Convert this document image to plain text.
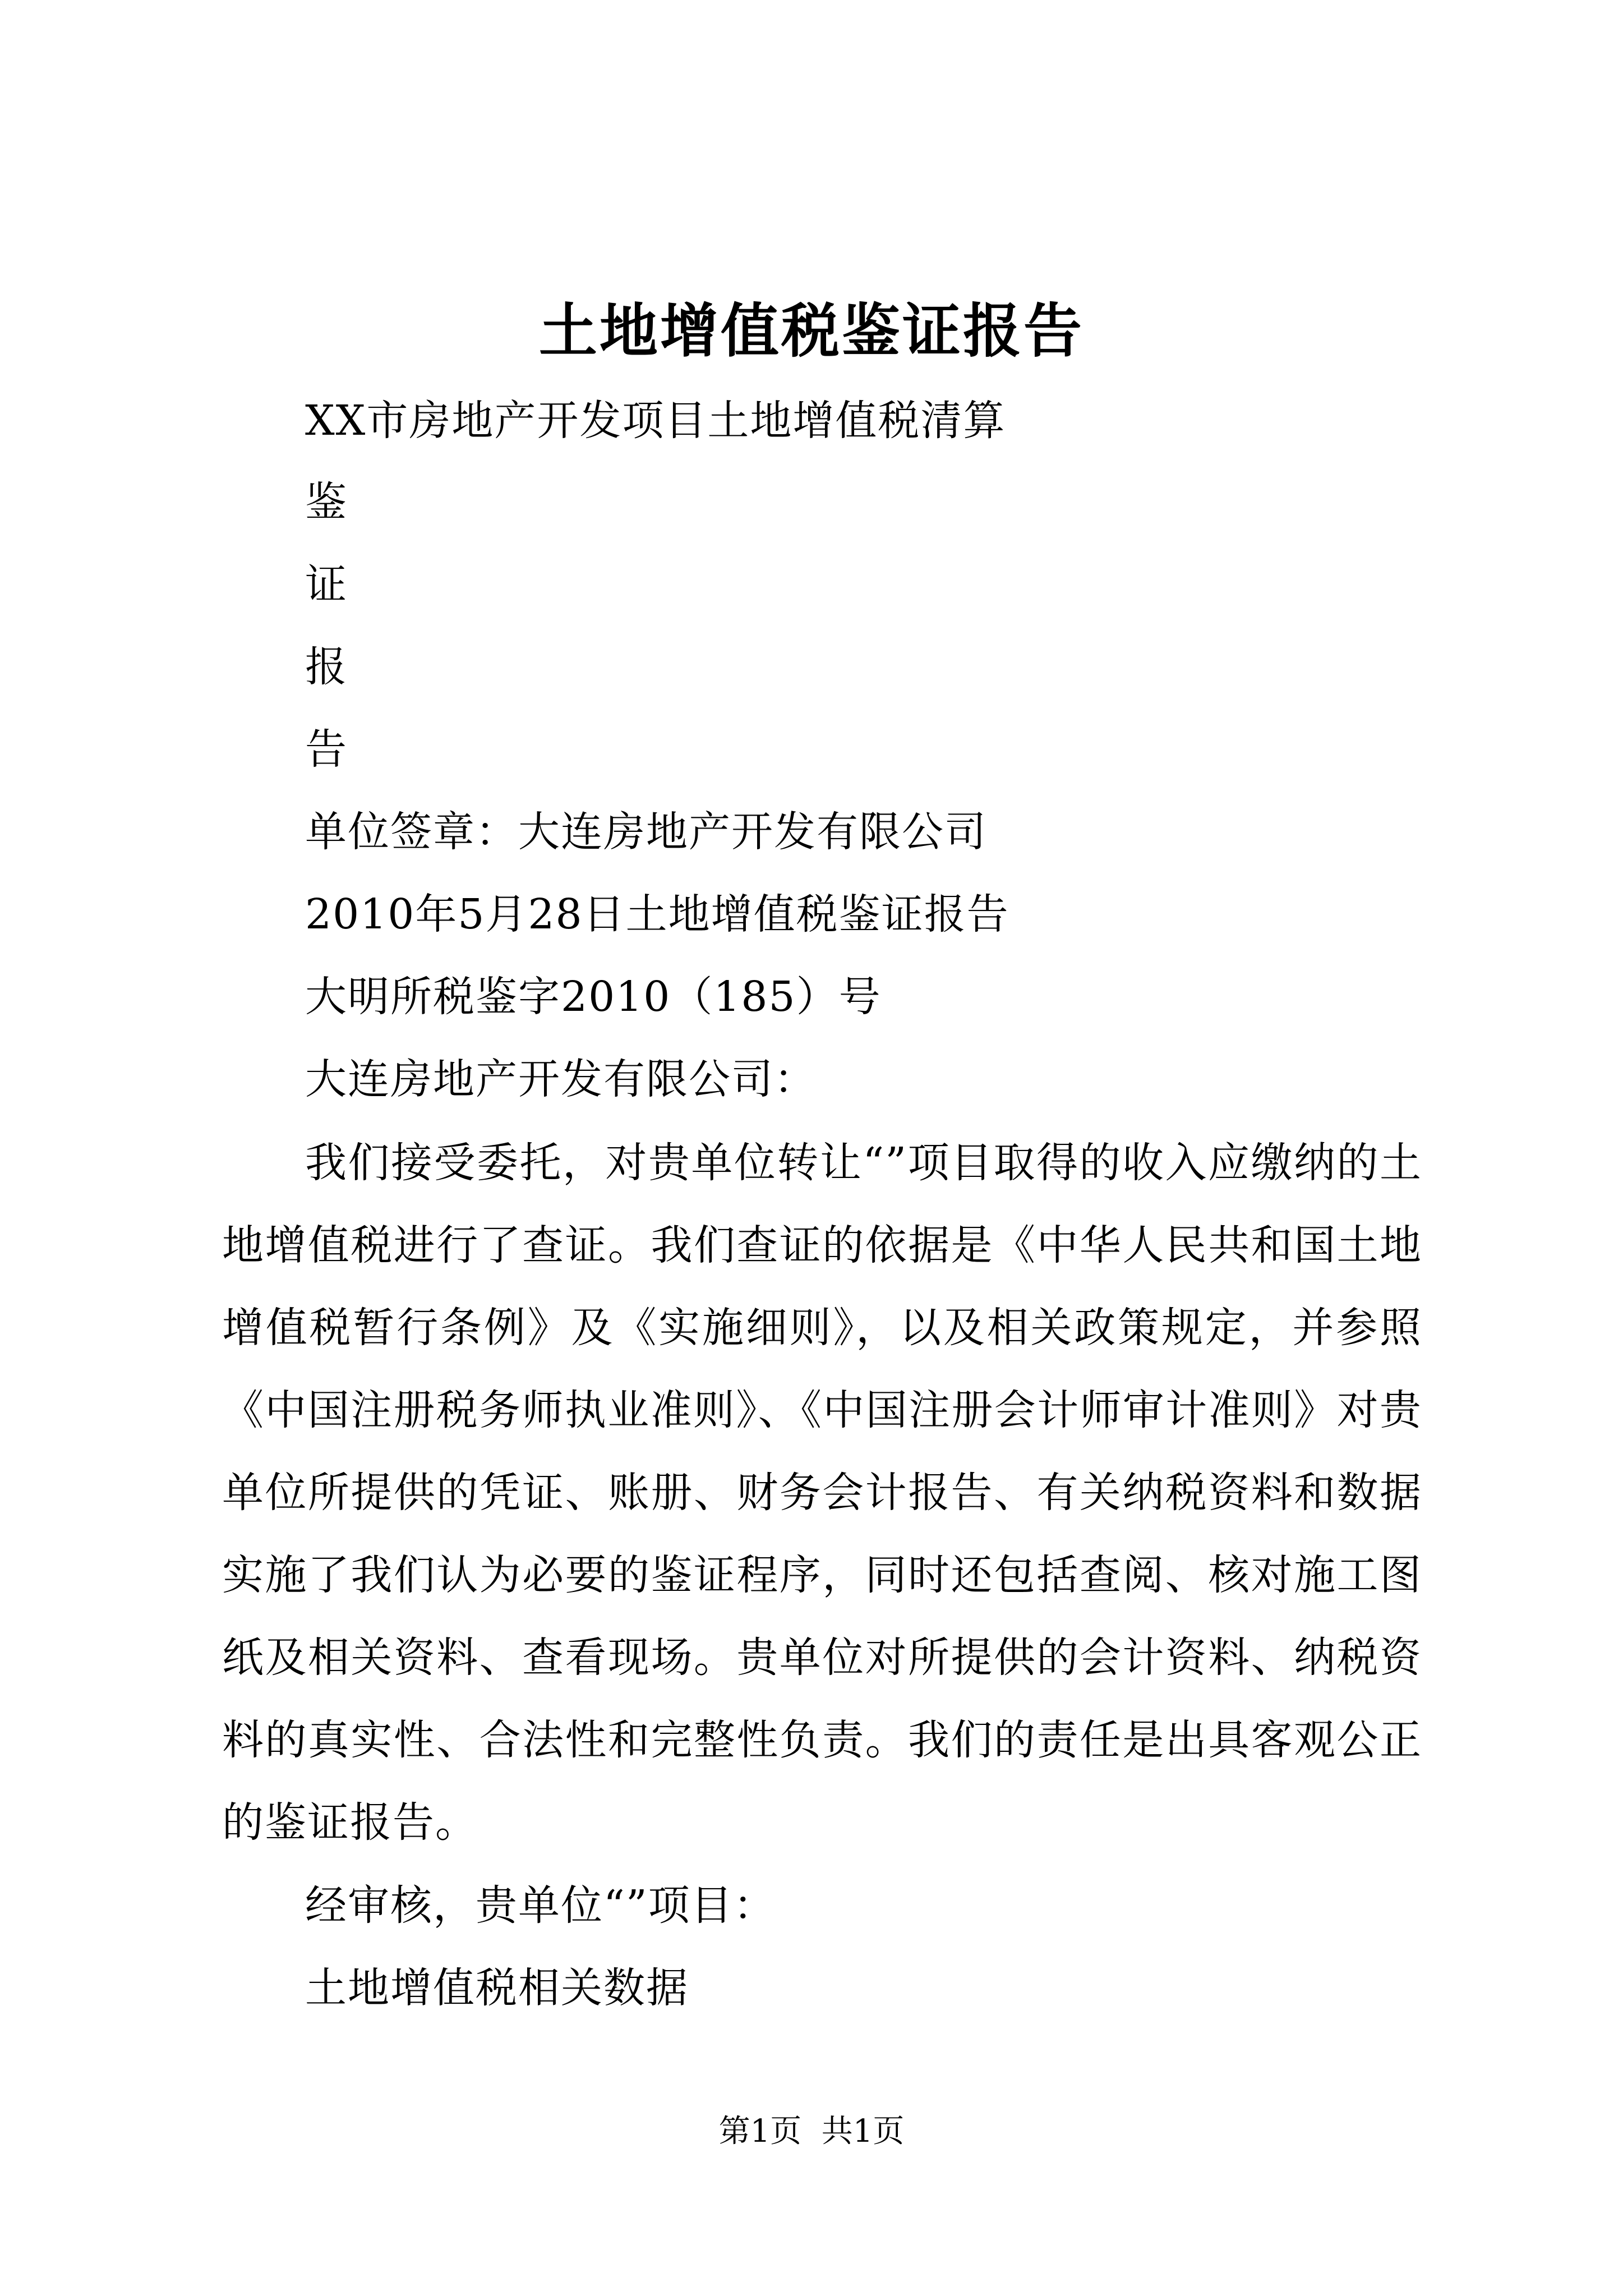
土地增值税鉴证报告
XX市房地产开发项目土地增值税清算
鉴
证
报
告
单位签章：大连房地产开发有限公司
2010年5月28日土地增值税鉴证报告
大明所税鉴字2010（185）号
大连房地产开发有限公司：

我们接受委托，对贵单位转让“”项目取得的收入应缴纳的土地增值税进行了查证。我们查证的依据是《中华人民共和国土地增值税暂行条例》及《实施细则》，以及相关政策规定，并参照《中国注册税务师执业准则》、《中国注册会计师审计准则》对贵单位所提供的凭证、账册、财务会计报告、有关纳税资料和数据实施了我们认为必要的鉴证程序，同时还包括查阅、核对施工图纸及相关资料、查看现场。贵单位对所提供的会计资料、纳税资料的真实性、合法性和完整性负责。我们的责任是出具客观公正的鉴证报告。

经审核，贵单位“”项目：
土地增值税相关数据
第1页  共1页
